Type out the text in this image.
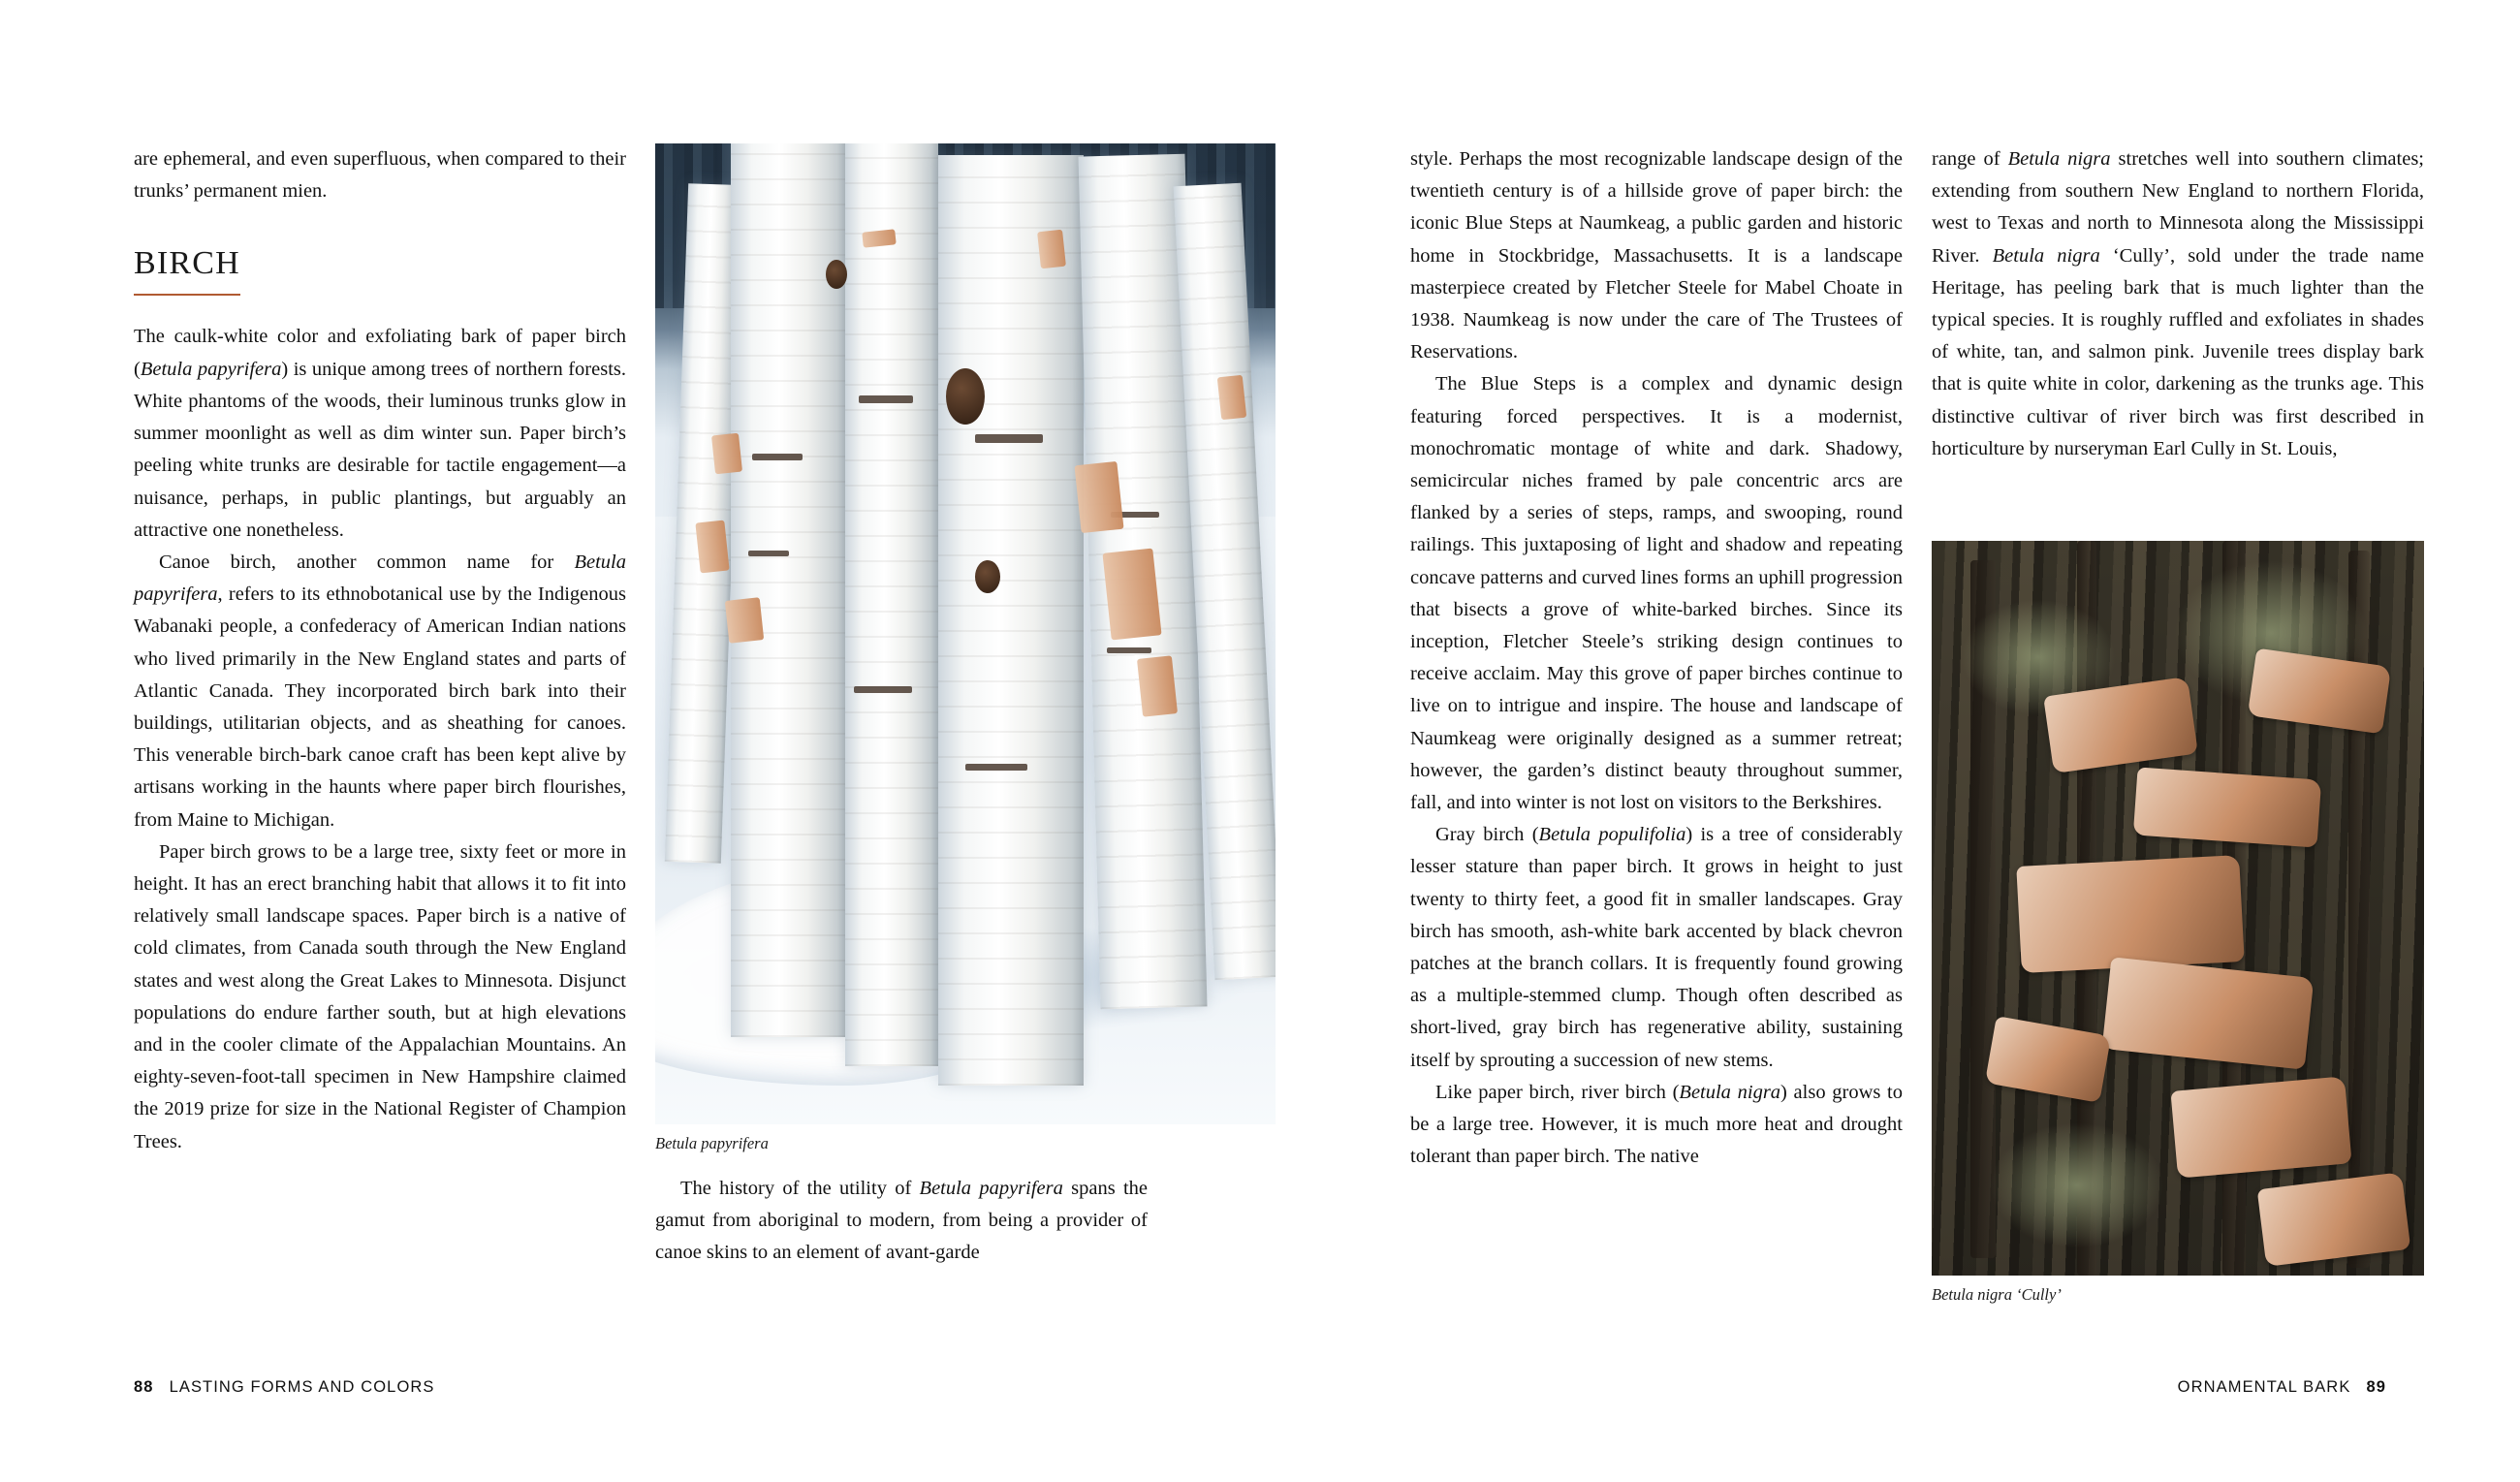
are ephemeral, and even superfluous, when compared to their trunks’ permanent mien.

BIRCH

The caulk-white color and exfoliating bark of paper birch (Betula papyrifera) is unique among trees of northern forests. White phantoms of the woods, their luminous trunks glow in summer moonlight as well as dim winter sun. Paper birch’s peeling white trunks are desirable for tactile engagement—a nuisance, perhaps, in public plantings, but arguably an attractive one nonetheless.

Canoe birch, another common name for Betula papyrifera, refers to its ethnobotanical use by the Indigenous Wabanaki people, a confederacy of American Indian nations who lived primarily in the New England states and parts of Atlantic Canada. They incorporated birch bark into their buildings, utilitarian objects, and as sheathing for canoes. This venerable birch-bark canoe craft has been kept alive by artisans working in the haunts where paper birch flourishes, from Maine to Michigan.

Paper birch grows to be a large tree, sixty feet or more in height. It has an erect branching habit that allows it to fit into relatively small landscape spaces. Paper birch is a native of cold climates, from Canada south through the New England states and west along the Great Lakes to Minnesota. Disjunct populations do endure farther south, but at high elevations and in the cooler climate of the Appalachian Mountains. An eighty-seven-foot-tall specimen in New Hampshire claimed the 2019 prize for size in the National Register of Champion Trees.	Betula papyrifera

The history of the utility of Betula papyrifera spans the gamut from aboriginal to modern, from being a provider of canoe skins to an element of avant-garde

style. Perhaps the most recognizable landscape design of the twentieth century is of a hillside grove of paper birch: the iconic Blue Steps at Naumkeag, a public garden and historic home in Stockbridge, Massachusetts. It is a landscape masterpiece created by Fletcher Steele for Mabel Choate in 1938. Naumkeag is now under the care of The Trustees of Reservations.

The Blue Steps is a complex and dynamic design featuring forced perspectives. It is a modernist, monochromatic montage of white and dark. Shadowy, semicircular niches framed by pale concentric arcs are flanked by a series of steps, ramps, and swooping, round railings. This juxtaposing of light and shadow and repeating concave patterns and curved lines forms an uphill progression that bisects a grove of white-barked birches. Since its inception, Fletcher Steele’s striking design continues to receive acclaim. May this grove of paper birches continue to live on to intrigue and inspire. The house and landscape of Naumkeag were originally designed as a summer retreat; however, the garden’s distinct beauty throughout summer, fall, and into winter is not lost on visitors to the Berkshires.

Gray birch (Betula populifolia) is a tree of considerably lesser stature than paper birch. It grows in height to just twenty to thirty feet, a good fit in smaller landscapes. Gray birch has smooth, ash-white bark accented by black chevron patches at the branch collars. It is frequently found growing as a multiple-stemmed clump. Though often described as short-lived, gray birch has regenerative ability, sustaining itself by sprouting a succession of new stems.

Like paper birch, river birch (Betula nigra) also grows to be a large tree. However, it is much more heat and drought tolerant than paper birch. The native

range of Betula nigra stretches well into southern climates; extending from southern New England to northern Florida, west to Texas and north to Minnesota along the Mississippi River. Betula nigra ‘Cully’, sold under the trade name Heritage, has peeling bark that is much lighter than the typical species. It is roughly ruffled and exfoliates in shades of white, tan, and salmon pink. Juvenile trees display bark that is quite white in color, darkening as the trunks age. This distinctive cultivar of river birch was first described in horticulture by nurseryman Earl Cully in St. Louis,

Betula nigra ‘Cully’
88 LASTING FORMS AND COLORS	ORNAMENTAL BARK 89
